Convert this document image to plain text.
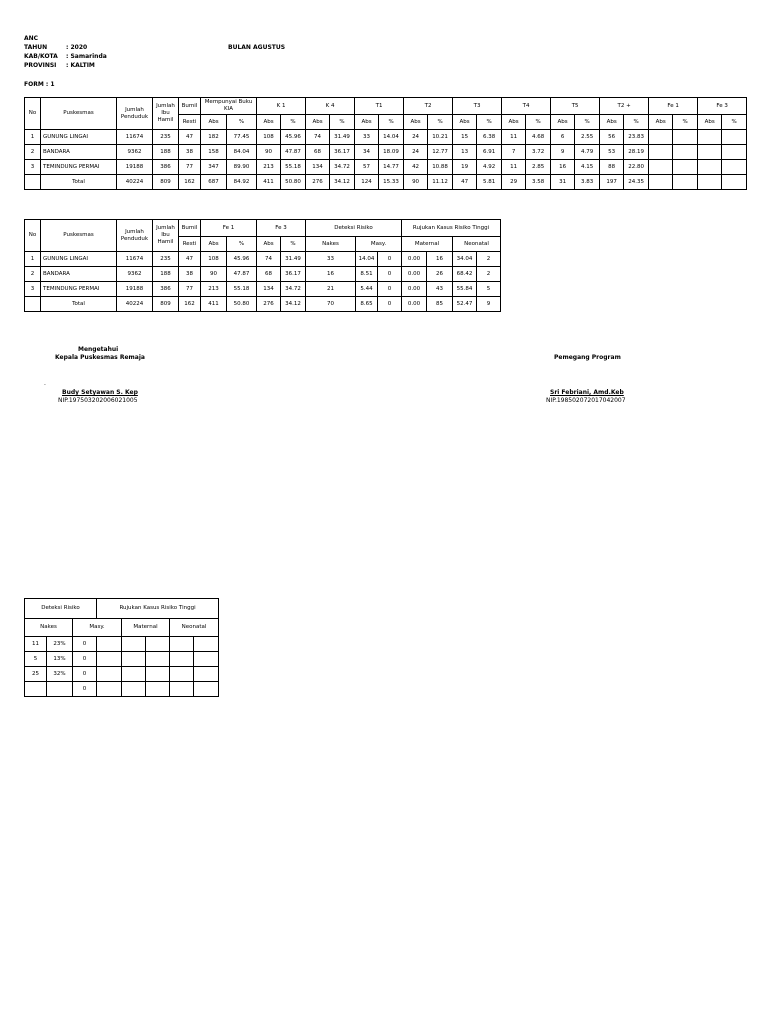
ANC
TAHUN	: 2020
KAB/KOTA : Samarinda
PROVINSI : KALTIM
BULAN AGUSTUS
FORM : 1
No	Puskesmas	Jumlah Penduduk	Jumlah Ibu Hamil	Bumil	Mempunyai Buku KIA		K 1		K 4		T1		T2		T3		T4		T5		T2 +		Fe 1		Fe 3	
				Resti	Abs	%	Abs	%	Abs	%	Abs	%	Abs	%	Abs	%	Abs	%	Abs	%	Abs	%	Abs	%	Abs	%
1	GUNUNG LINGAI	11674	235	47	182	77.45	108	45.96	74	31.49	33	14.04	24	10.21	15	6.38	11	4.68	6	2.55	56	23.83				
2	BANDARA	9362	188	38	158	84.04	90	47.87	68	36.17	34	18.09	24	12.77	13	6.91	7	3.72	9	4.79	53	28.19				
3	TEMINDUNG PERMAI	19188	386	77	347	89.90	213	55.18	134	34.72	57	14.77	42	10.88	19	4.92	11	2.85	16	4.15	88	22.80				
	Total	40224	809	162	687	84.92	411	50.80	276	34.12	124	15.33	90	11.12	47	5.81	29	3.58	31	3.83	197	24.35				
No	Puskesmas	Jumlah Penduduk	Jumlah Ibu Hamil	Bumil	Fe 1		Fe 3		Deteksi Risiko			Rujukan Kasus Risiko Tinggi				
				Resti	Abs	%	Abs	%	Nakes	Masy.		Maternal		Neonatal		
1	GUNUNG LINGAI	11674	235	47	108	45.96	74	31.49	33	14.04	0	0.00	16	34.04	2	
2	BANDARA	9362	188	38	90	47.87	68	36.17	16	8.51	0	0.00	26	68.42	2	
3	TEMINDUNG PERMAI	19188	386	77	213	55.18	134	34.72	21	5.44	0	0.00	43	55.84	5	
	Total	40224	809	162	411	50.80	276	34.12	70	8.65	0	0.00	85	52.47	9	
Mengetahui
Kepala Puskesmas Remaja
.
Budy Setyawan S. Kep
NIP.197503202006021005
Pemegang Program
Sri Febriani, Amd.Keb
NIP.198502072017042007
Deteksi Risiko			Rujukan Kasus Risiko Tinggi				
Nakes		Masy.		Maternal		Neonatal	
11	23%	0					
5	13%	0					
25	32%	0					
		0					
